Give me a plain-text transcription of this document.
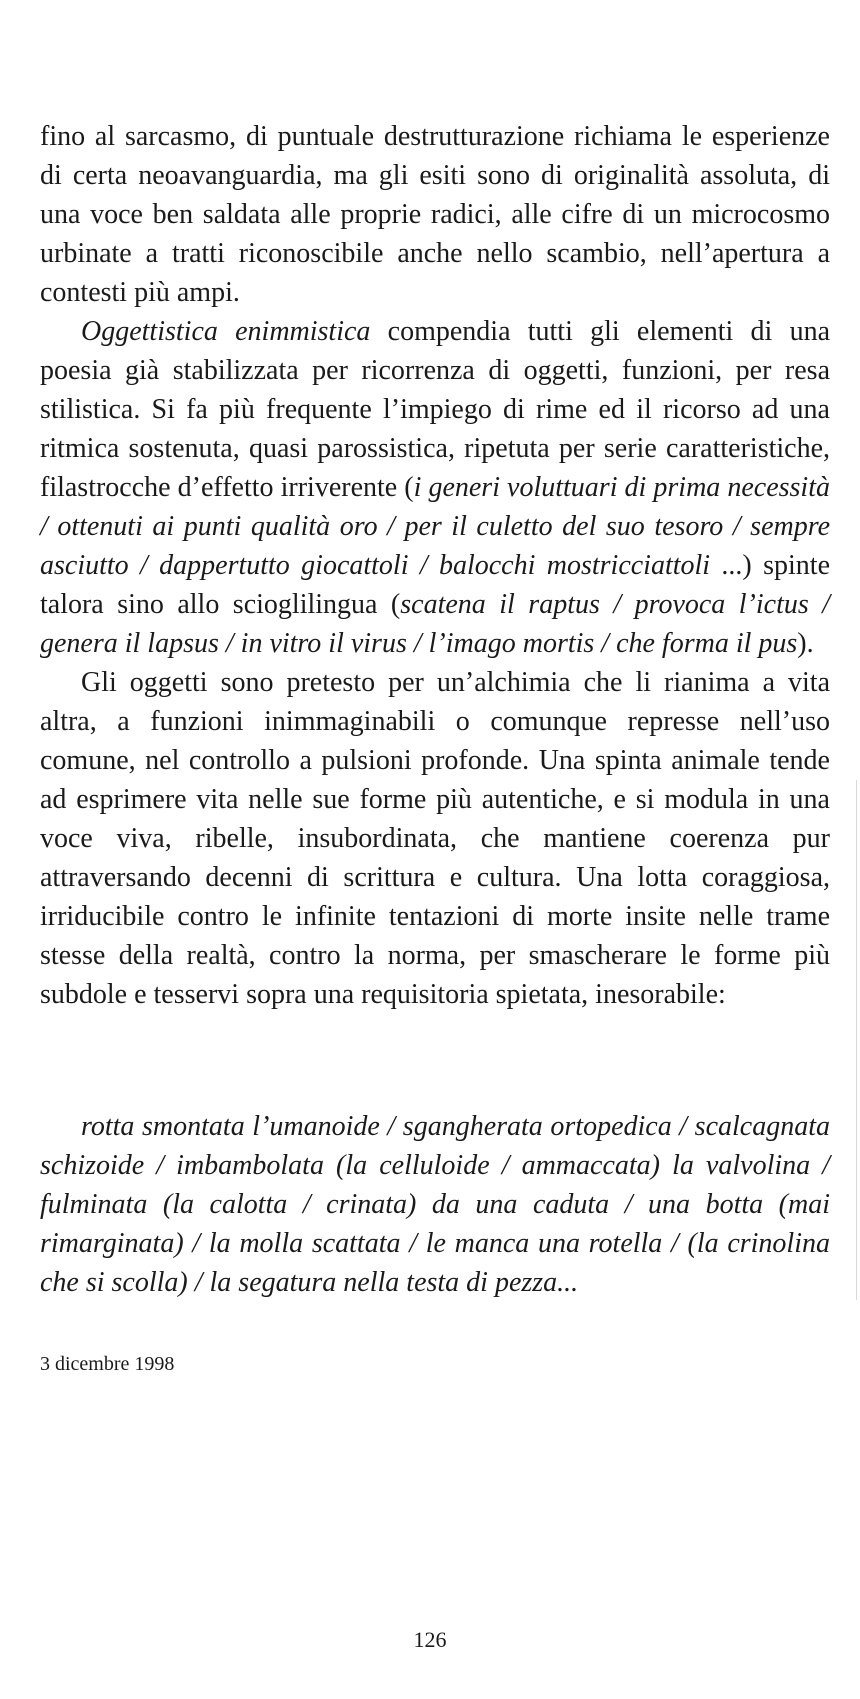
fino al sarcasmo, di puntuale destrutturazione richiama le esperienze di certa neoavanguardia, ma gli esiti sono di originalità assoluta, di una voce ben saldata alle proprie radici, alle cifre di un microcosmo urbinate a tratti riconoscibile anche nello scambio, nell’apertura a contesti più ampi.

Oggettistica enimmistica compendia tutti gli elementi di una poesia già stabilizzata per ricorrenza di oggetti, funzioni, per resa stilistica. Si fa più frequente l’impiego di rime ed il ricorso ad una ritmica sostenuta, quasi parossistica, ripetuta per serie caratteristiche, filastrocche d’effetto irriverente (i generi voluttuari di prima necessità / ottenuti ai punti qualità oro / per il culetto del suo tesoro / sempre asciutto / dappertutto giocattoli / balocchi mostricciattoli ...) spinte talora sino allo scioglilingua (scatena il raptus / provoca l’ictus / genera il lapsus / in vitro il virus / l’imago mortis / che forma il pus).

Gli oggetti sono pretesto per un’alchimia che li rianima a vita altra, a funzioni inimmaginabili o comunque represse nell’uso comune, nel controllo a pulsioni profonde. Una spinta animale tende ad esprimere vita nelle sue forme più autentiche, e si modula in una voce viva, ribelle, insubordinata, che mantiene coerenza pur attraversando decenni di scrittura e cultura. Una lotta coraggiosa, irriducibile contro le infinite tentazioni di morte insite nelle trame stesse della realtà, contro la norma, per smascherare le forme più subdole e tesservi sopra una requisitoria spietata, inesorabile:

rotta smontata l’umanoide / sgangherata ortopedica / scalcagnata schizoide / imbambolata (la celluloide / ammaccata) la valvolina / fulminata (la calotta / crinata) da una caduta / una botta (mai rimarginata) / la molla scattata / le manca una rotella / (la crinolina che si scolla) / la segatura nella testa di pezza...

3 dicembre 1998
126
